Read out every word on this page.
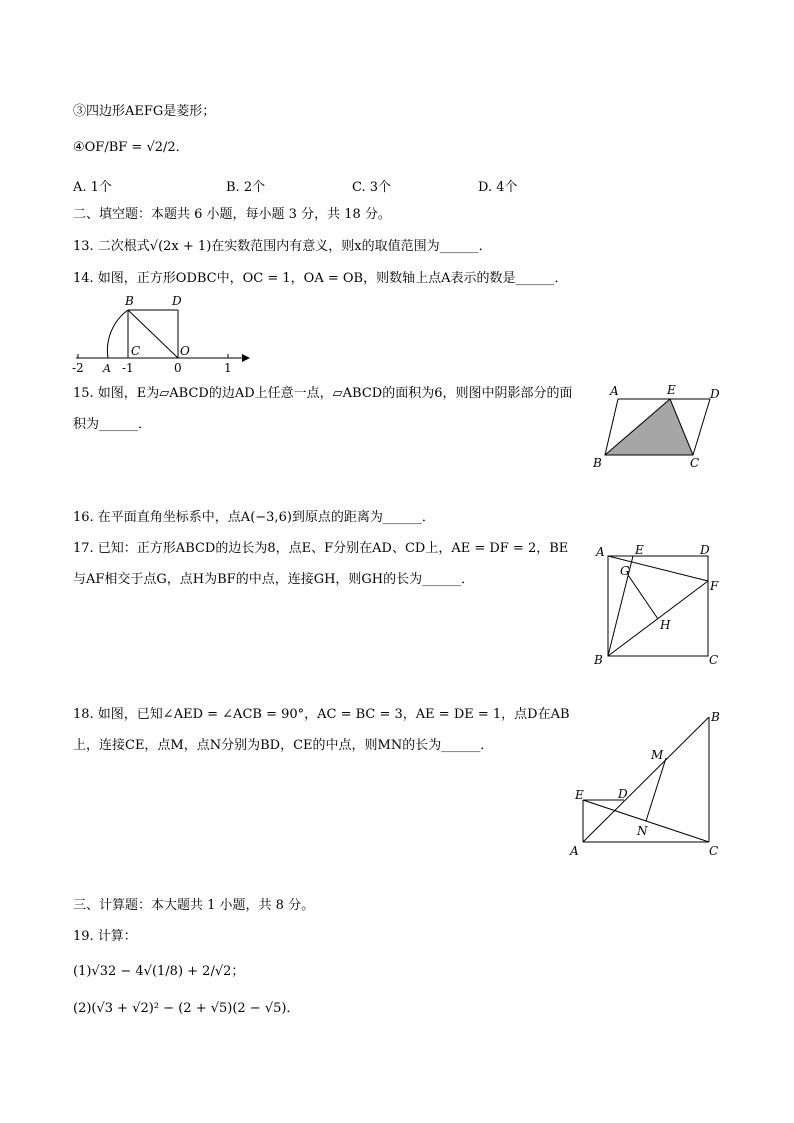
③四边形AEFG是菱形；
④OF/BF = √2/2．
A. 1个	B. 2个	C. 3个	D. 4个
二、填空题：本题共 6 小题，每小题 3 分，共 18 分。
13. 二次根式√(2x + 1)在实数范围内有意义，则x的取值范围为______．
14. 如图，正方形ODBC中，OC = 1，OA = OB，则数轴上点A表示的数是______．
B	D
C	O
A
-2	-1	0	1
15. 如图，E为▱ABCD的边AD上任意一点，▱ABCD的面积为6，则图中阴影部分的面
积为______．
A	E	D
B	C
16. 在平面直角坐标系中，点A(−3,6)到原点的距离为______．
17. 已知：正方形ABCD的边长为8，点E、F分别在AD、CD上，AE = DF = 2，BE
与AF相交于点G，点H为BF的中点，连接GH，则GH的长为______．
A	E	D
G
F
H
B	C
18. 如图，已知∠AED = ∠ACB = 90°，AC = BC = 3，AE = DE = 1，点D在AB
上，连接CE，点M，点N分别为BD，CE的中点，则MN的长为______．
B
M
E	D
N
A	C
三、计算题：本大题共 1 小题，共 8 分。
19. 计算：
(1)√32 − 4√(1/8) + 2/√2；
(2)(√3 + √2)² − (2 + √5)(2 − √5)．
